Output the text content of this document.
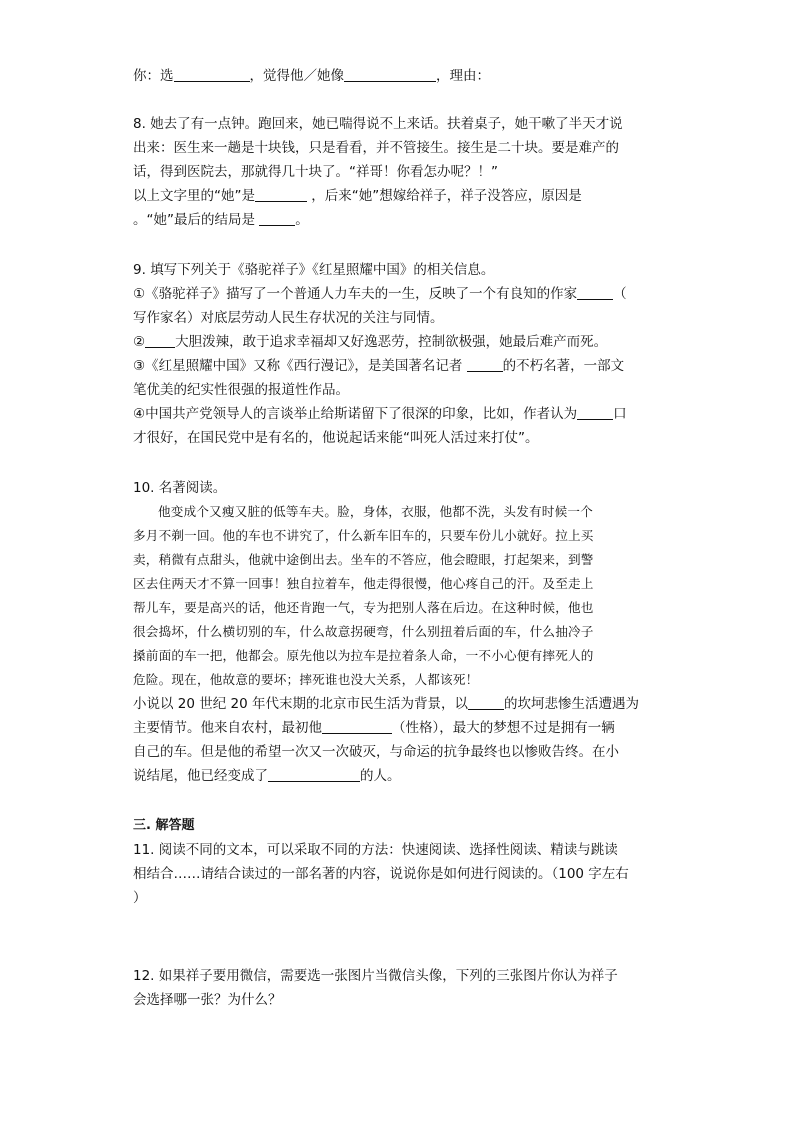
你：选	，觉得他／她像	，理由：
8. 她去了有一点钟。跑回来，她已喘得说不上来话。扶着桌子，她干嗽了半天才说
出来：医生来一趟是十块钱，只是看看，并不管接生。接生是二十块。要是难产的
话，得到医院去，那就得几十块了。“祥哥！你看怎办呢？！”
以上文字里的“她”是	，后来“她”想嫁给祥子，祥子没答应，原因是
。“她”最后的结局是	。
9. 填写下列关于《骆驼祥子》《红星照耀中国》的相关信息。
①《骆驼祥子》描写了一个普通人力车夫的一生，反映了一个有良知的作家	（
写作家名）对底层劳动人民生存状况的关注与同情。
② 大胆泼辣，敢于追求幸福却又好逸恶劳，控制欲极强，她最后难产而死。
③《红星照耀中国》又称《西行漫记》，是美国著名记者	的不朽名著，一部文
笔优美的纪实性很强的报道性作品。
④中国共产党领导人的言谈举止给斯诺留下了很深的印象，比如，作者认为	口
才很好，在国民党中是有名的，他说起话来能“叫死人活过来打仗”。
10. 名著阅读。
他变成个又瘦又脏的低等车夫。脸，身体，衣服，他都不洗，头发有时候一个
多月不剃一回。他的车也不讲究了，什么新车旧车的，只要车份儿小就好。拉上买
卖，稍微有点甜头，他就中途倒出去。坐车的不答应，他会瞪眼，打起架来，到警
区去住两天才不算一回事！独自拉着车，他走得很慢，他心疼自己的汗。及至走上
帮儿车，要是高兴的话，他还肯跑一气，专为把别人落在后边。在这种时候，他也
很会捣坏，什么横切别的车，什么故意拐硬弯，什么别扭着后面的车，什么抽冷子
搡前面的车一把，他都会。原先他以为拉车是拉着条人命，一不小心便有摔死人的
危险。现在，他故意的要坏；摔死谁也没大关系，人都该死！
小说以 20 世纪 20 年代末期的北京市民生活为背景，以	的坎坷悲惨生活遭遇为
主要情节。他来自农村，最初他	（性格），最大的梦想不过是拥有一辆
自己的车。但是他的希望一次又一次破灭，与命运的抗争最终也以惨败告终。在小
说结尾，他已经变成了	的人。
三. 解答题
11. 阅读不同的文本，可以采取不同的方法：快速阅读、选择性阅读、精读与跳读
相结合……请结合读过的一部名著的内容，说说你是如何进行阅读的。（100 字左右
）
12. 如果祥子要用微信，需要选一张图片当微信头像，下列的三张图片你认为祥子
会选择哪一张？为什么？
